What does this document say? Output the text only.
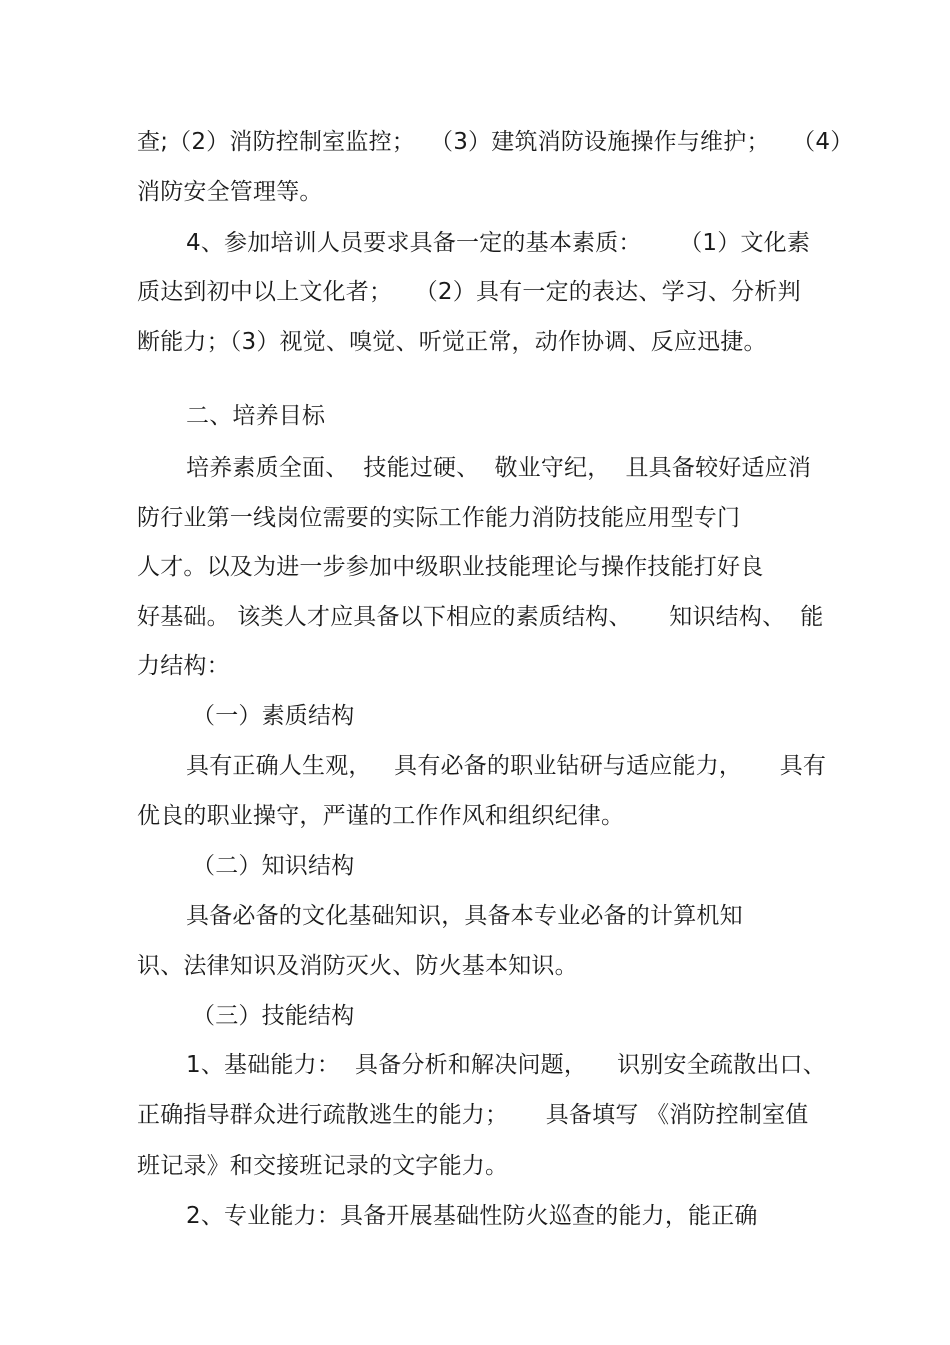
查;（2）消防控制室监控；  （3）建筑消防设施操作与维护；   （4）
消防安全管理等。
4、参加培训人员要求具备一定的基本素质：     （1）文化素
质达到初中以上文化者；   （2）具有一定的表达、学习、分析判
断能力；（3）视觉、嗅觉、听觉正常，动作协调、反应迅捷。
二、培养目标
培养素质全面、  技能过硬、  敬业守纪，  且具备较好适应消
防行业第一线岗位需要的实际工作能力消防技能应用型专门
人才。以及为进一步参加中级职业技能理论与操作技能打好良
好基础。 该类人才应具备以下相应的素质结构、     知识结构、  能
力结构：
（一）素质结构
具有正确人生观，   具有必备的职业钻研与适应能力，     具有
优良的职业操守，严谨的工作作风和组织纪律。
（二）知识结构
具备必备的文化基础知识，具备本专业必备的计算机知
识、法律知识及消防灭火、防火基本知识。
（三）技能结构
1、基础能力：  具备分析和解决问题，    识别安全疏散出口、
正确指导群众进行疏散逃生的能力；     具备填写 《消防控制室值
班记录》和交接班记录的文字能力。
2、专业能力：具备开展基础性防火巡查的能力，能正确
